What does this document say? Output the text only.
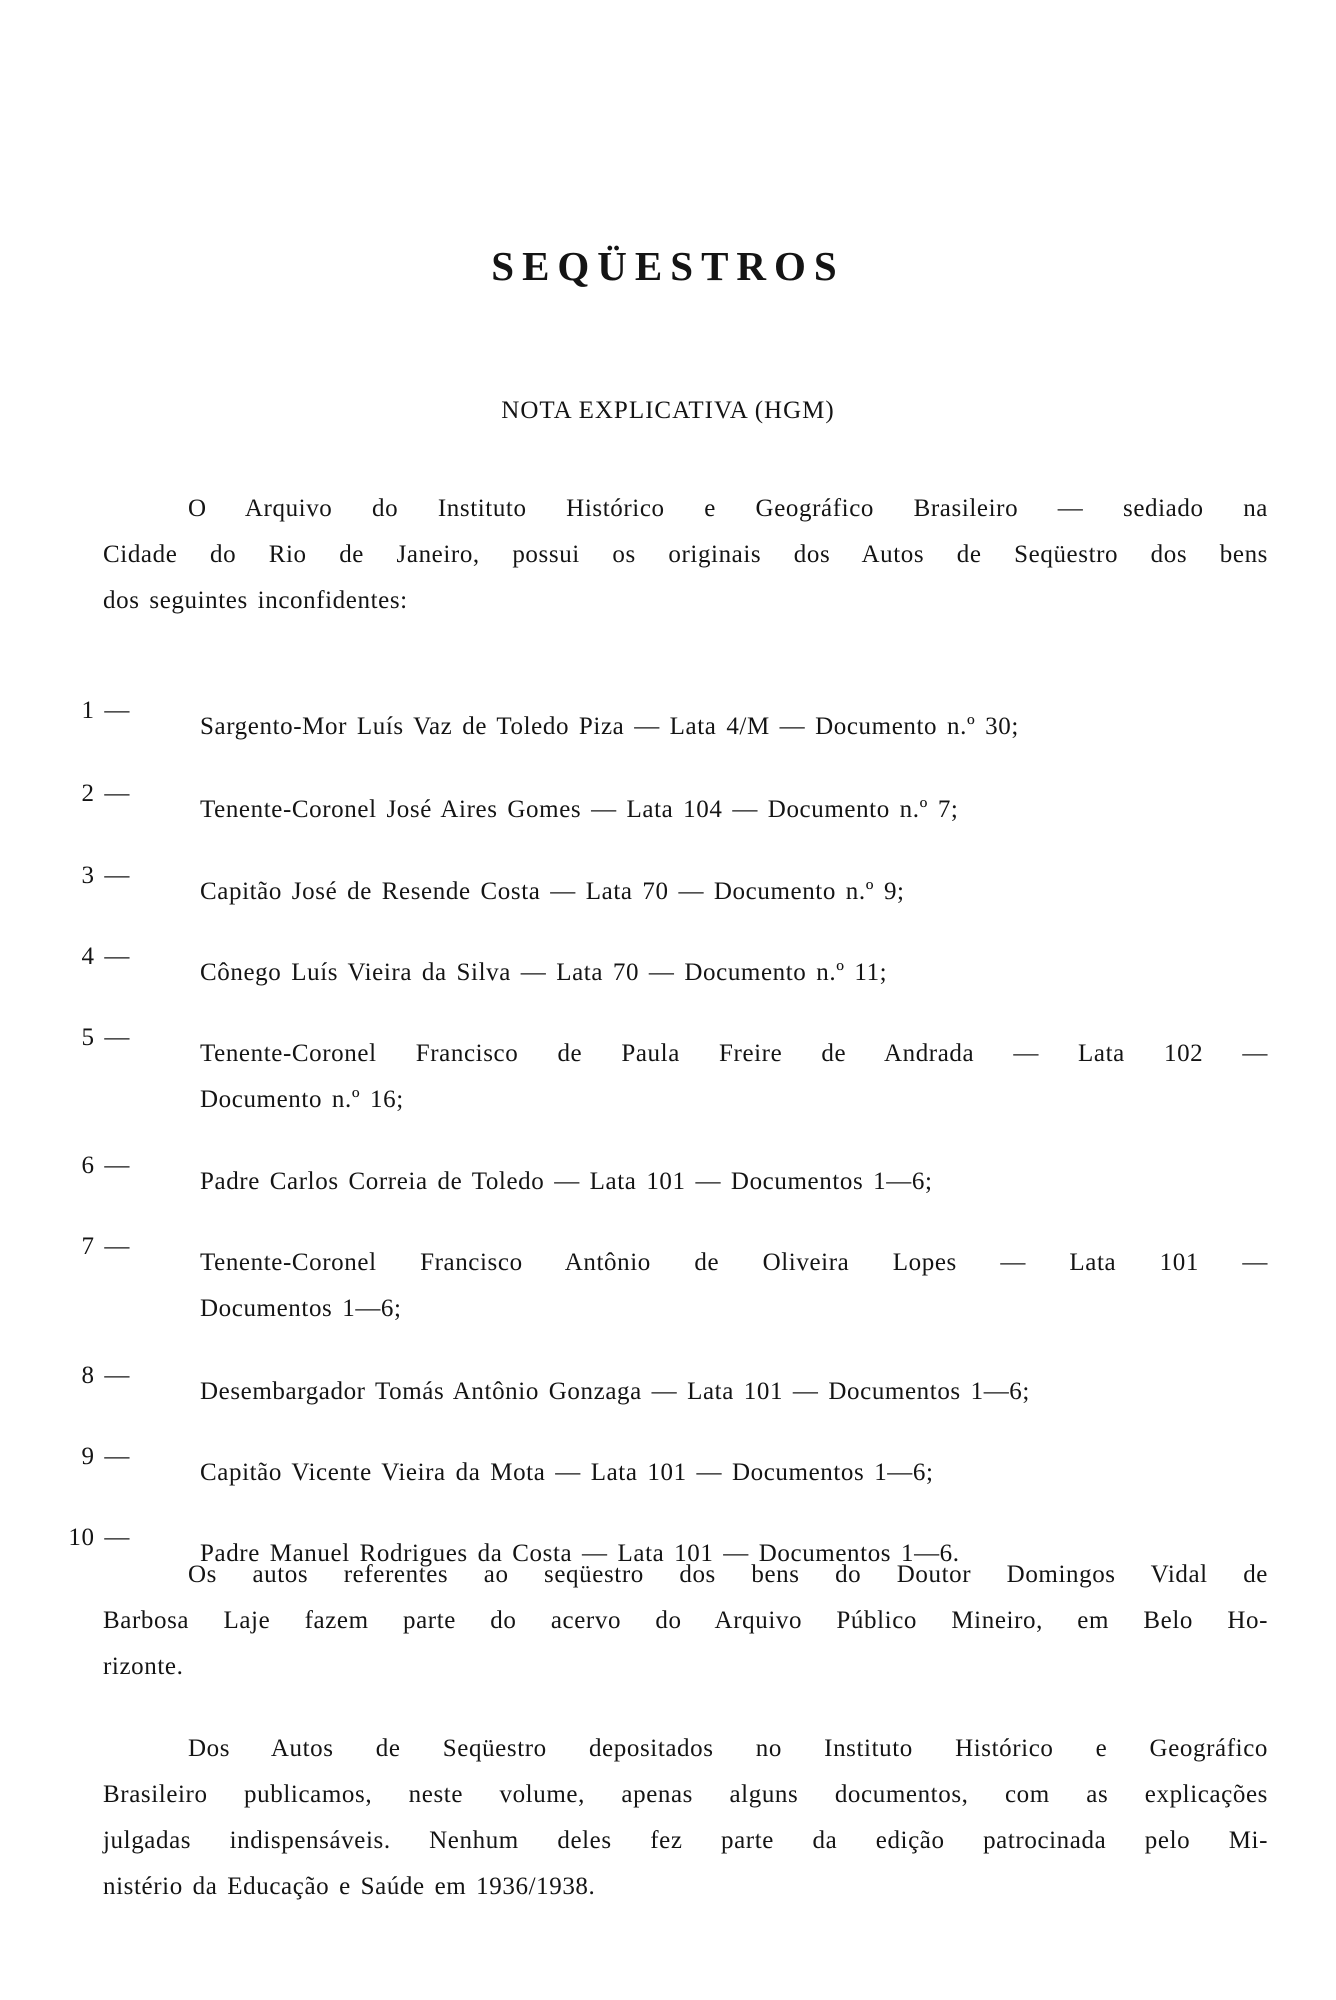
SEQÜESTROS
NOTA EXPLICATIVA (HGM)
O Arquivo do Instituto Histórico e Geográfico Brasileiro — sediado na
Cidade do Rio de Janeiro, possui os originais dos Autos de Seqüestro dos bens
dos seguintes inconfidentes:
1 —
Sargento-Mor Luís Vaz de Toledo Piza — Lata 4/M — Documento n.º 30;
2 —
Tenente-Coronel José Aires Gomes — Lata 104 — Documento n.º 7;
3 —
Capitão José de Resende Costa — Lata 70 — Documento n.º 9;
4 —
Cônego Luís Vieira da Silva — Lata 70 — Documento n.º 11;
5 —
Tenente-Coronel Francisco de Paula Freire de Andrada — Lata 102 —
Documento n.º 16;
6 —
Padre Carlos Correia de Toledo — Lata 101 — Documentos 1—6;
7 —
Tenente-Coronel Francisco Antônio de Oliveira Lopes — Lata 101 —
Documentos 1—6;
8 —
Desembargador Tomás Antônio Gonzaga — Lata 101 — Documentos 1—6;
9 —
Capitão Vicente Vieira da Mota — Lata 101 — Documentos 1—6;
10 —
Padre Manuel Rodrigues da Costa — Lata 101 — Documentos 1—6.
Os autos referentes ao seqüestro dos bens do Doutor Domingos Vidal de
Barbosa Laje fazem parte do acervo do Arquivo Público Mineiro, em Belo Ho-
rizonte.
Dos Autos de Seqüestro depositados no Instituto Histórico e Geográfico
Brasileiro publicamos, neste volume, apenas alguns documentos, com as explicações
julgadas indispensáveis. Nenhum deles fez parte da edição patrocinada pelo Mi-
nistério da Educação e Saúde em 1936/1938.
